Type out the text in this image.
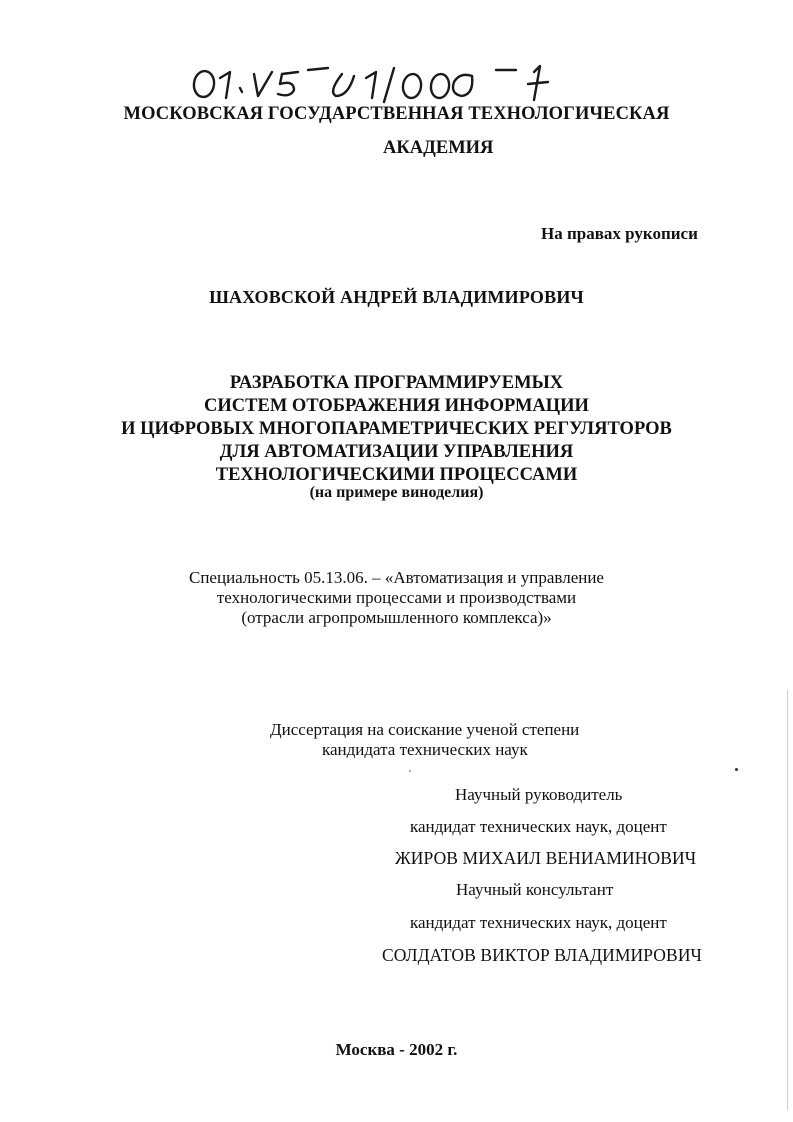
МОСКОВСКАЯ ГОСУДАРСТВЕННАЯ ТЕХНОЛОГИЧЕСКАЯ
АКАДЕМИЯ
На правах рукописи
ШАХОВСКОЙ АНДРЕЙ ВЛАДИМИРОВИЧ
РАЗРАБОТКА ПРОГРАММИРУЕМЫХ
СИСТЕМ ОТОБРАЖЕНИЯ ИНФОРМАЦИИ
И ЦИФРОВЫХ МНОГОПАРАМЕТРИЧЕСКИХ РЕГУЛЯТОРОВ
ДЛЯ АВТОМАТИЗАЦИИ УПРАВЛЕНИЯ
ТЕХНОЛОГИЧЕСКИМИ ПРОЦЕССАМИ
(на примере виноделия)
Специальность 05.13.06. – «Автоматизация и управление
технологическими процессами и производствами
(отрасли агропромышленного комплекса)»
Диссертация на соискание ученой степени
кандидата технических наук
Научный руководитель
кандидат технических наук, доцент
ЖИРОВ МИХАИЛ ВЕНИАМИНОВИЧ
Научный консультант
кандидат технических наук, доцент
СОЛДАТОВ ВИКТОР ВЛАДИМИРОВИЧ
Москва - 2002 г.
